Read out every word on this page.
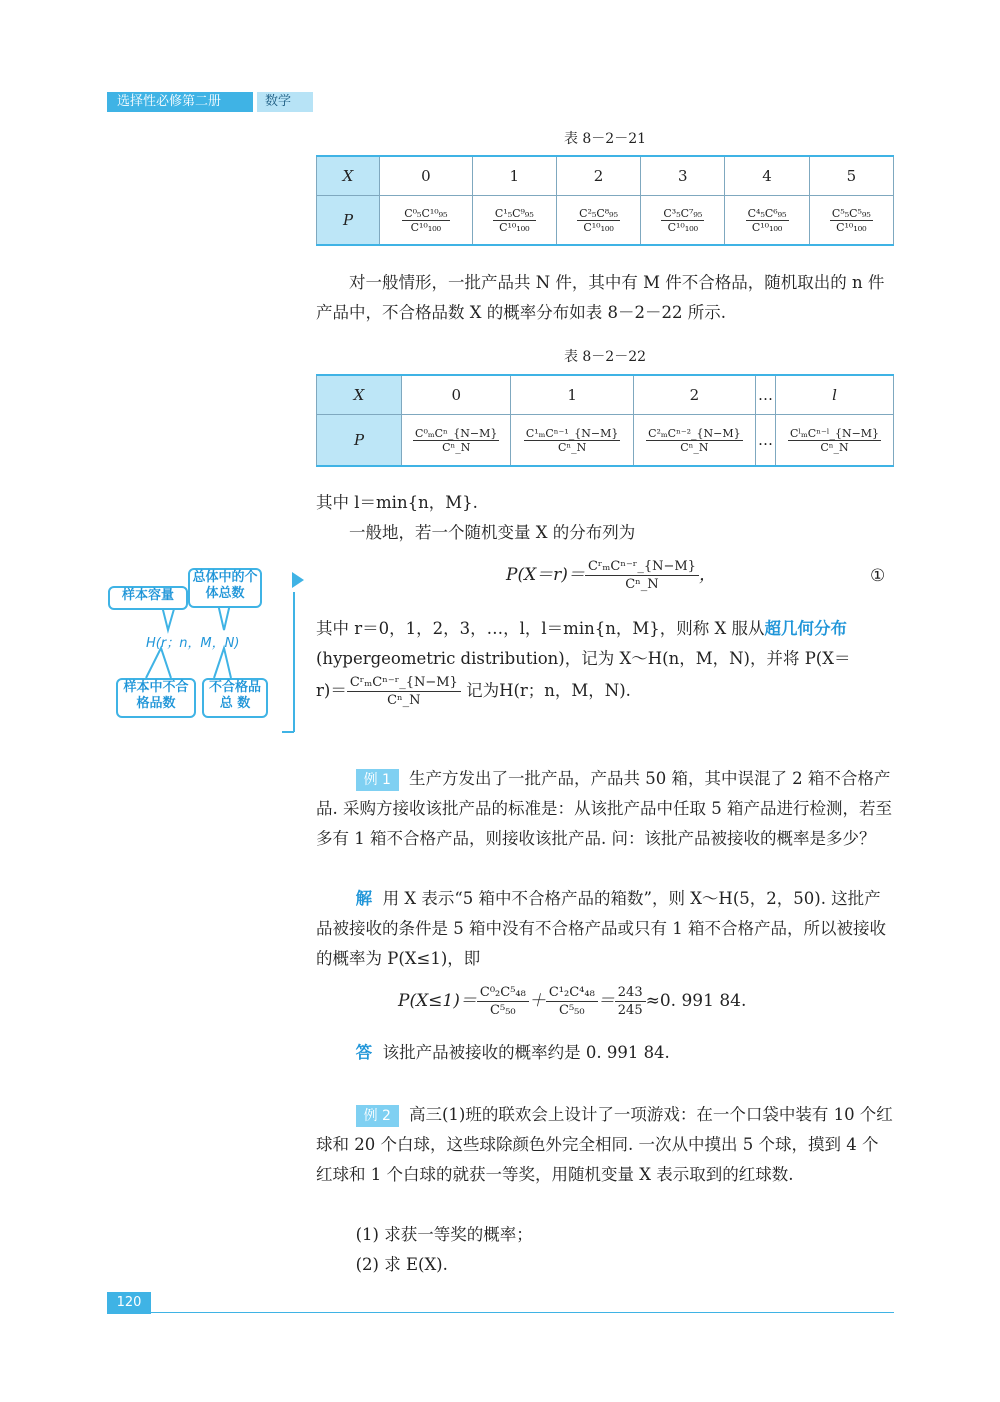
选择性必修第二册	数学
表 8－2－21
X	0	1	2	3	4	5
P	$\frac{\text{C⁰₅C¹⁰₉₅}}{\text{C¹⁰₁₀₀}}$	$\frac{\text{C¹₅C⁹₉₅}}{\text{C¹⁰₁₀₀}}$	$\frac{\text{C²₅C⁸₉₅}}{\text{C¹⁰₁₀₀}}$	$\frac{\text{C³₅C⁷₉₅}}{\text{C¹⁰₁₀₀}}$	$\frac{\text{C⁴₅C⁶₉₅}}{\text{C¹⁰₁₀₀}}$	$\frac{\text{C⁵₅C⁵₉₅}}{\text{C¹⁰₁₀₀}}$
对一般情形，一批产品共 N 件，其中有 M 件不合格品，随机取出的 n 件产品中，不合格品数 X 的概率分布如表 8－2－22 所示.
表 8－2－22
X	0	1	2	…	l
P	$\frac{\text{C⁰ₘCⁿ\_\{N−M\}}}{\text{Cⁿ\_N}}$	$\frac{\text{C¹ₘCⁿ⁻¹\_\{N−M\}}}{\text{Cⁿ\_N}}$	$\frac{\text{C²ₘCⁿ⁻²\_\{N−M\}}}{\text{Cⁿ\_N}}$	…	$\frac{\text{CˡₘCⁿ⁻ˡ\_\{N−M\}}}{\text{Cⁿ\_N}}$
其中 l＝min{n，M}.
一般地，若一个随机变量 X 的分布列为
P(X＝r)＝ CʳₘCⁿ⁻ʳ_{N−M}
Cⁿ_N ，	①
其中 r＝0，1，2，3，…，l，l＝min{n，M}，则称 X 服从超几何分布
(hypergeometric distribution)，记为 X～H(n，M，N)，并将 P(X＝
r)＝ CʳₘCⁿ⁻ʳ_{N−M}
Cⁿ_N
记为H(r；n，M，N).
样本容量
总体中的个体总数
H(r；n，M，N)
样本中不合格品数
不合格品总 数
例 1 生产方发出了一批产品，产品共 50 箱，其中误混了 2 箱不合格产品. 采购方接收该批产品的标准是：从该批产品中任取 5 箱产品进行检测，若至多有 1 箱不合格产品，则接收该批产品. 问：该批产品被接收的概率是多少？
解 用 X 表示“5 箱中不合格产品的箱数”，则 X～H(5，2，50). 这批产品被接收的条件是 5 箱中没有不合格产品或只有 1 箱不合格产品，所以被接收的概率为 P(X≤1)，即
$P(X\le 1)= \frac{\text{C⁰₂C⁵₄₈}}{\text{C⁵₅₀}} + \frac{\text{C¹₂C⁴₄₈}}{\text{C⁵₅₀}} = \frac{243}{245} \approx 0$. 991 84.
答 该批产品被接收的概率约是 0. 991 84.
例 2 高三(1)班的联欢会上设计了一项游戏：在一个口袋中装有 10 个红球和 20 个白球，这些球除颜色外完全相同. 一次从中摸出 5 个球，摸到 4 个红球和 1 个白球的就获一等奖，用随机变量 X 表示取到的红球数.
(1) 求获一等奖的概率；
(2) 求 E(X).
120
